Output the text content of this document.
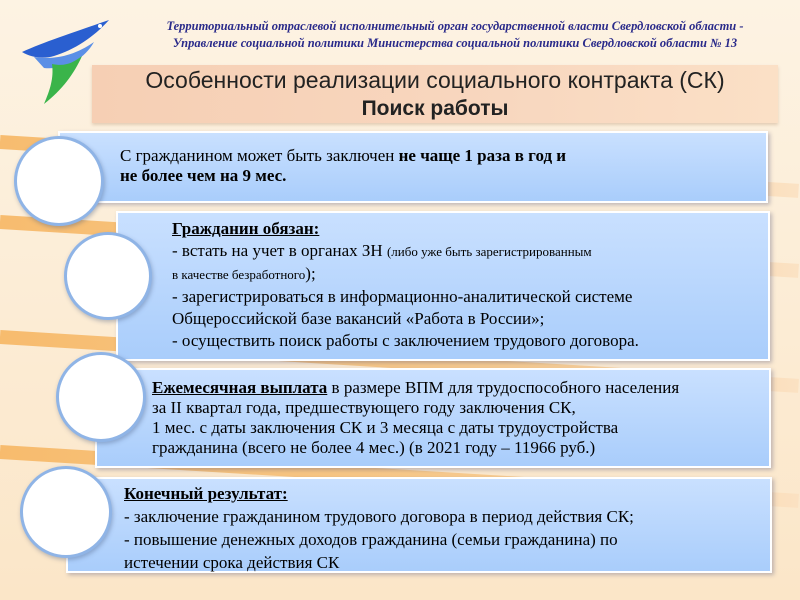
Территориальный отраслевой исполнительный орган государственной власти Свердловской области -
Управление социальной политики Министерства социальной политики Свердловской области № 13
Особенности реализации социального контракта (СК)
Поиск работы
С гражданином может быть заключен не чаще 1 раза в год и
не более чем на 9 мес.
Гражданин обязан:
- встать на учет в органах ЗН (либо уже быть зарегистрированным
в качестве безработного);
- зарегистрироваться в информационно-аналитической системе
Общероссийской базе вакансий «Работа в России»;
- осуществить поиск работы с заключением трудового договора.
Ежемесячная выплата в размере ВПМ для трудоспособного населения
за II квартал года, предшествующего году заключения СК,
1 мес. с даты заключения СК и 3 месяца с даты трудоустройства
гражданина (всего не более 4 мес.) (в 2021 году – 11966 руб.)
Конечный результат:
- заключение гражданином трудового договора в период действия СК;
- повышение денежных доходов гражданина (семьи гражданина) по
истечении срока действия СК
